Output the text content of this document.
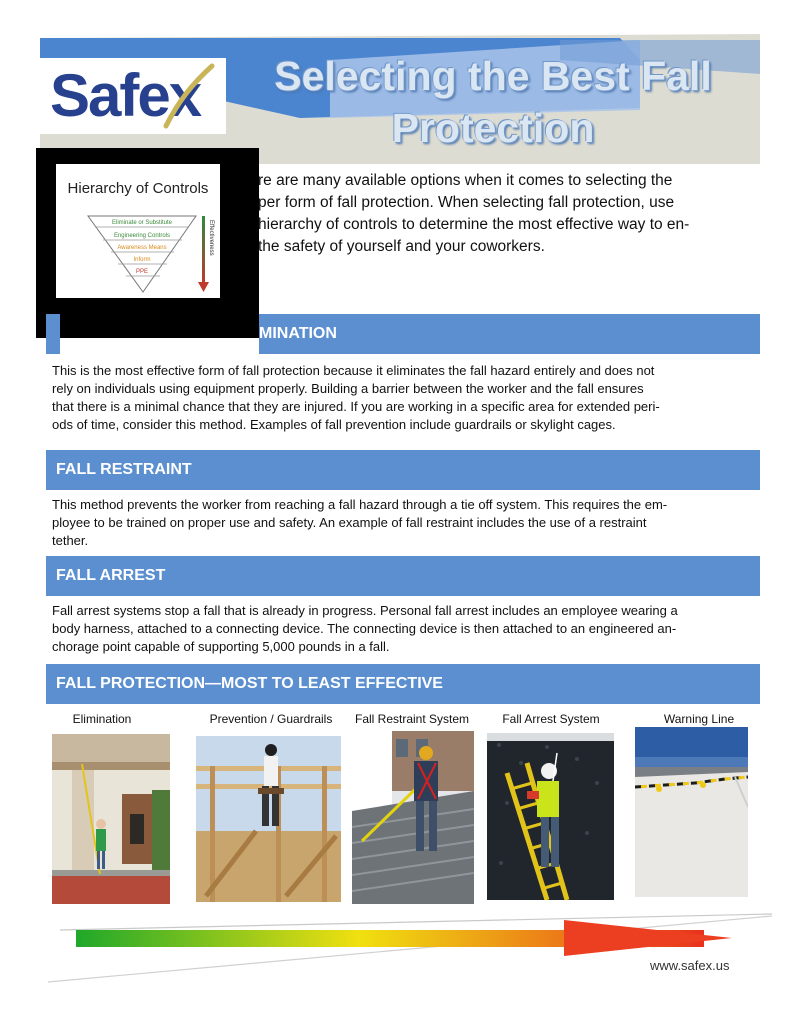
Safex	Selecting the Best Fall
Protection
Hierarchy of Controls
Eliminate or Substitute
Engineering Controls
Awareness Means
Inform
PPE
Effectiveness
re are many available options when it comes to selecting the
per form of fall protection. When selecting fall protection, use
hierarchy of controls to determine the most effective way to en-
the safety of yourself and your coworkers.
MINATION
This is the most effective form of fall protection because it eliminates the fall hazard entirely and does not
rely on individuals using equipment properly. Building a barrier between the worker and the fall ensures
that there is a minimal chance that they are injured. If you are working in a specific area for extended peri-
ods of time, consider this method. Examples of fall prevention include guardrails or skylight cages.
FALL RESTRAINT
This method prevents the worker from reaching a fall hazard through a tie off system. This requires the em-
ployee to be trained on proper use and safety. An example of fall restraint includes the use of a restraint
tether.
FALL ARREST
Fall arrest systems stop a fall that is already in progress. Personal fall arrest includes an employee wearing a
body harness, attached to a connecting device. The connecting device is then attached to an engineered an-
chorage point capable of supporting 5,000 pounds in a fall.
FALL PROTECTION—MOST TO LEAST EFFECTIVE
Elimination	Prevention / Guardrails	Fall Restraint System	Fall Arrest System	Warning Line
www.safex.us
